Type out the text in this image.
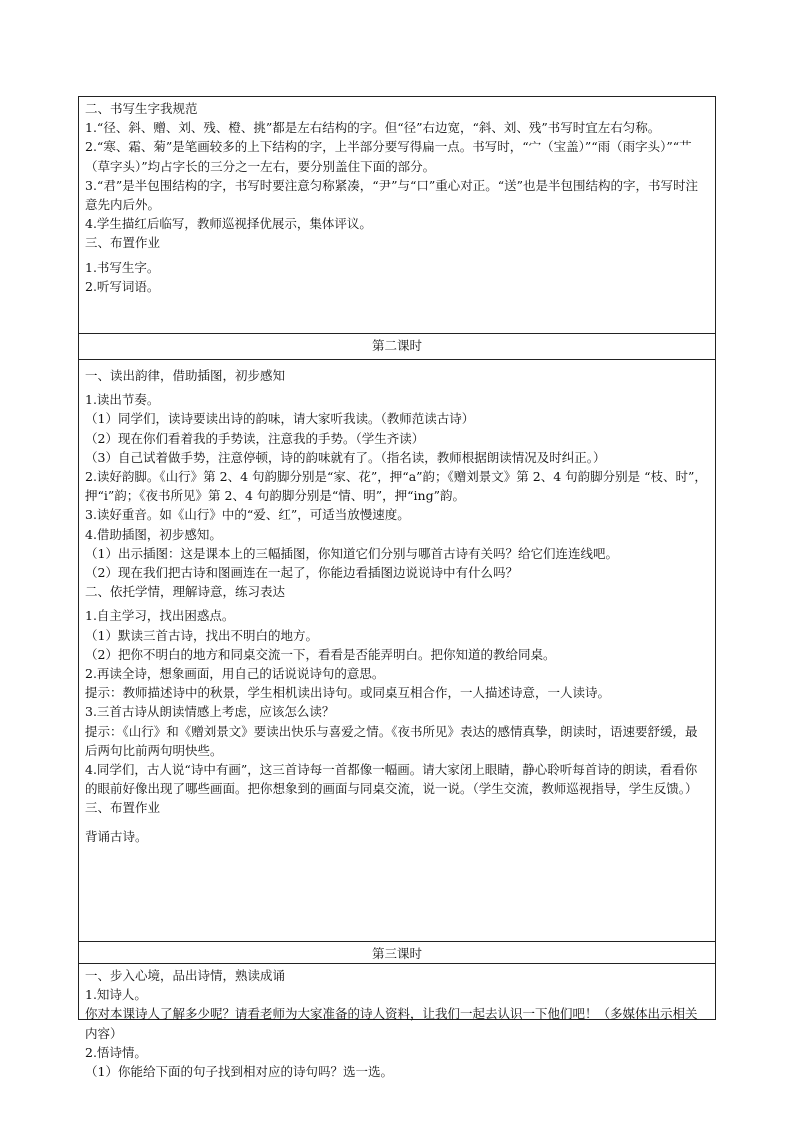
二、书写生字我规范

1.“径、斜、赠、刘、残、橙、挑”都是左右结构的字。但“径”右边宽，“斜、刘、残”书写时宜左右匀称。

2.“寒、霜、菊”是笔画较多的上下结构的字，上半部分要写得扁一点。书写时，“宀（宝盖）”“雨（雨字头）”“艹（草字头）”均占字长的三分之一左右，要分别盖住下面的部分。

3.“君”是半包围结构的字，书写时要注意匀称紧凑，“尹”与“口”重心对正。“送”也是半包围结构的字，书写时注意先内后外。

4.学生描红后临写，教师巡视择优展示，集体评议。

三、布置作业

1.书写生字。

2.听写词语。

第二课时

一、读出韵律，借助插图，初步感知

1.读出节奏。

（1）同学们，读诗要读出诗的韵味，请大家听我读。（教师范读古诗）

（2）现在你们看着我的手势读，注意我的手势。（学生齐读）

（3）自己试着做手势，注意停顿，诗的韵味就有了。（指名读，教师根据朗读情况及时纠正。）

2.读好韵脚。《山行》第 2、4 句韵脚分别是“家、花”，押“a”韵；《赠刘景文》第 2、4 句韵脚分别是 “枝、时”， 押“i”韵；《夜书所见》第 2、4 句韵脚分别是“情、明”，押“ing”韵。

3.读好重音。如《山行》中的“爱、红”，可适当放慢速度。

4.借助插图，初步感知。

（1）出示插图：这是课本上的三幅插图，你知道它们分别与哪首古诗有关吗？给它们连连线吧。

（2）现在我们把古诗和图画连在一起了，你能边看插图边说说诗中有什么吗？

二、依托学情，理解诗意，练习表达

1.自主学习，找出困惑点。

（1）默读三首古诗，找出不明白的地方。

（2）把你不明白的地方和同桌交流一下，看看是否能弄明白。把你知道的教给同桌。

2.再读全诗，想象画面，用自己的话说说诗句的意思。

提示：教师描述诗中的秋景，学生相机读出诗句。或同桌互相合作，一人描述诗意，一人读诗。

3.三首古诗从朗读情感上考虑，应该怎么读？

提示：《山行》和《赠刘景文》要读出快乐与喜爱之情。《夜书所见》表达的感情真挚，朗读时，语速要舒缓，最后两句比前两句明快些。

4.同学们，古人说“诗中有画”，这三首诗每一首都像一幅画。请大家闭上眼睛，静心聆听每首诗的朗读，看看你的眼前好像出现了哪些画面。把你想象到的画面与同桌交流，说一说。（学生交流，教师巡视指导，学生反馈。）

三、布置作业

背诵古诗。

第三课时

一、步入心境，品出诗情，熟读成诵

1.知诗人。

你对本课诗人了解多少呢？请看老师为大家准备的诗人资料，让我们一起去认识一下他们吧！（多媒体出示相关内容）

2.悟诗情。

（1）你能给下面的句子找到相对应的诗句吗？选一选。
